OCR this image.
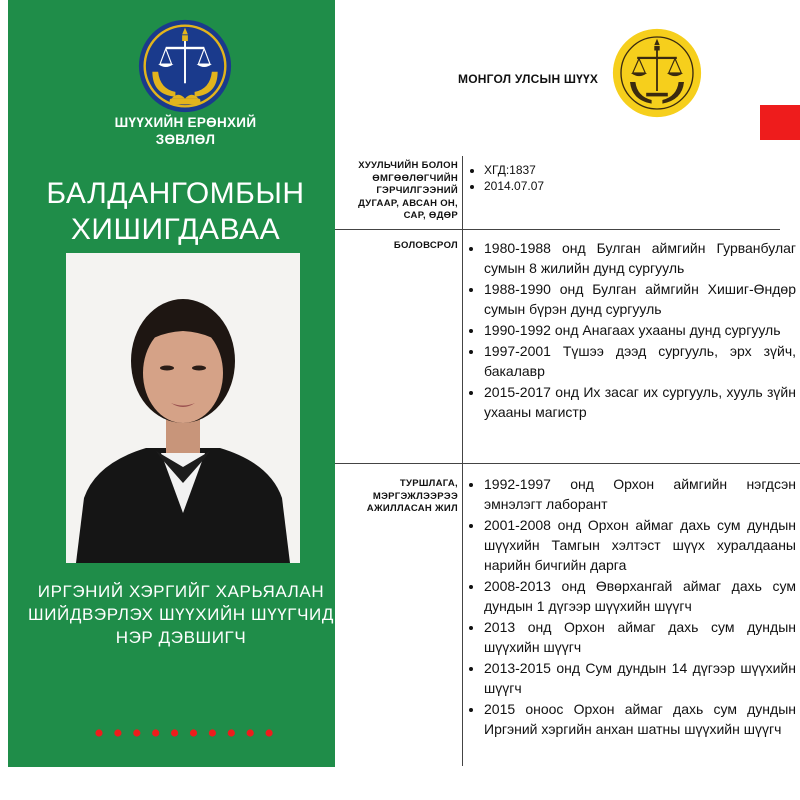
ШҮҮХИЙН ЕРӨНХИЙ ЗӨВЛӨЛ
БАЛДАНГОМБЫН ХИШИГДАВАА
ИРГЭНИЙ ХЭРГИЙГ ХАРЬЯАЛАН ШИЙДВЭРЛЭХ ШҮҮХИЙН ШҮҮГЧИД НЭР ДЭВШИГЧ
МОНГОЛ УЛСЫН ШҮҮХ
ХУУЛЬЧИЙН БОЛОН ӨМГӨӨЛӨГЧИЙН ГЭРЧИЛГЭЭНИЙ ДУГААР, АВСАН ОН, САР, ӨДӨР
• ХГД:1837
• 2014.07.07
БОЛОВСРОЛ
• 1980-1988 онд Булган аймгийн Гурванбулаг сумын 8 жилийн дунд сургууль
• 1988-1990 онд Булган аймгийн Хишиг-Өндөр сумын бүрэн дунд сургууль
• 1990-1992 онд Анагаах ухааны дунд сургууль
• 1997-2001 Түшээ дээд сургууль, эрх зүйч, бакалавр
• 2015-2017 онд Их засаг их сургууль, хууль зүйн ухааны магистр
ТУРШЛАГА, МЭРГЭЖЛЭЭРЭЭ АЖИЛЛАСАН ЖИЛ
• 1992-1997 онд Орхон аймгийн нэгдсэн эмнэлэгт лаборант
• 2001-2008 онд Орхон аймаг дахь сум дундын шүүхийн Тамгын хэлтэст шүүх хуралдааны нарийн бичгийн дарга
• 2008-2013 онд Өвөрхангай аймаг дахь сум дундын 1 дүгээр шүүхийн шүүгч
• 2013 онд Орхон аймаг дахь сум дундын шүүхийн шүүгч
• 2013-2015 онд Сум дундын 14 дүгээр шүүхийн шүүгч
• 2015 оноос Орхон аймаг дахь сум дундын Иргэний хэргийн анхан шатны шүүхийн шүүгч
